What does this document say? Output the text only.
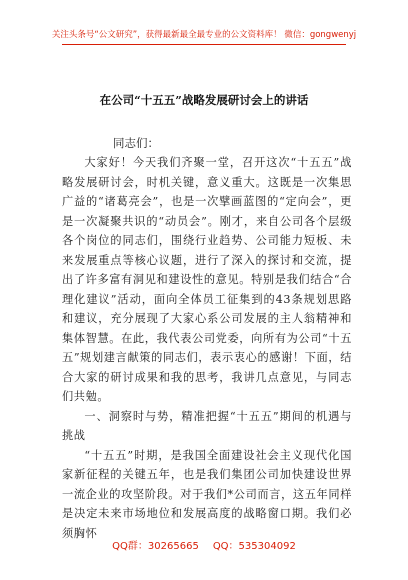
关注头条号“公文研究”，获得最新最全最专业的公文资料库！ 微信：gongwenyj
在公司“十五五”战略发展研讨会上的讲话
同志们：

大家好！今天我们齐聚一堂，召开这次“十五五”战略发展研讨会，时机关键，意义重大。这既是一次集思广益的“诸葛亮会”，也是一次擘画蓝图的“定向会”，更是一次凝聚共识的“动员会”。刚才，来自公司各个层级各个岗位的同志们，围绕行业趋势、公司能力短板、未来发展重点等核心议题，进行了深入的探讨和交流，提出了许多富有洞见和建设性的意见。特别是我们结合“合理化建议”活动，面向全体员工征集到的43条规划思路和建议，充分展现了大家心系公司发展的主人翁精神和集体智慧。在此，我代表公司党委，向所有为公司“十五五”规划建言献策的同志们，表示衷心的感谢！下面，结合大家的研讨成果和我的思考，我讲几点意见，与同志们共勉。

一、洞察时与势，精准把握“十五五”期间的机遇与挑战

“十五五”时期，是我国全面建设社会主义现代化国家新征程的关键五年，也是我们集团公司加快建设世界一流企业的攻坚阶段。对于我们*公司而言，这五年同样是决定未来市场地位和发展高度的战略窗口期。我们必须胸怀

QQ群：30265665 QQ：535304092
